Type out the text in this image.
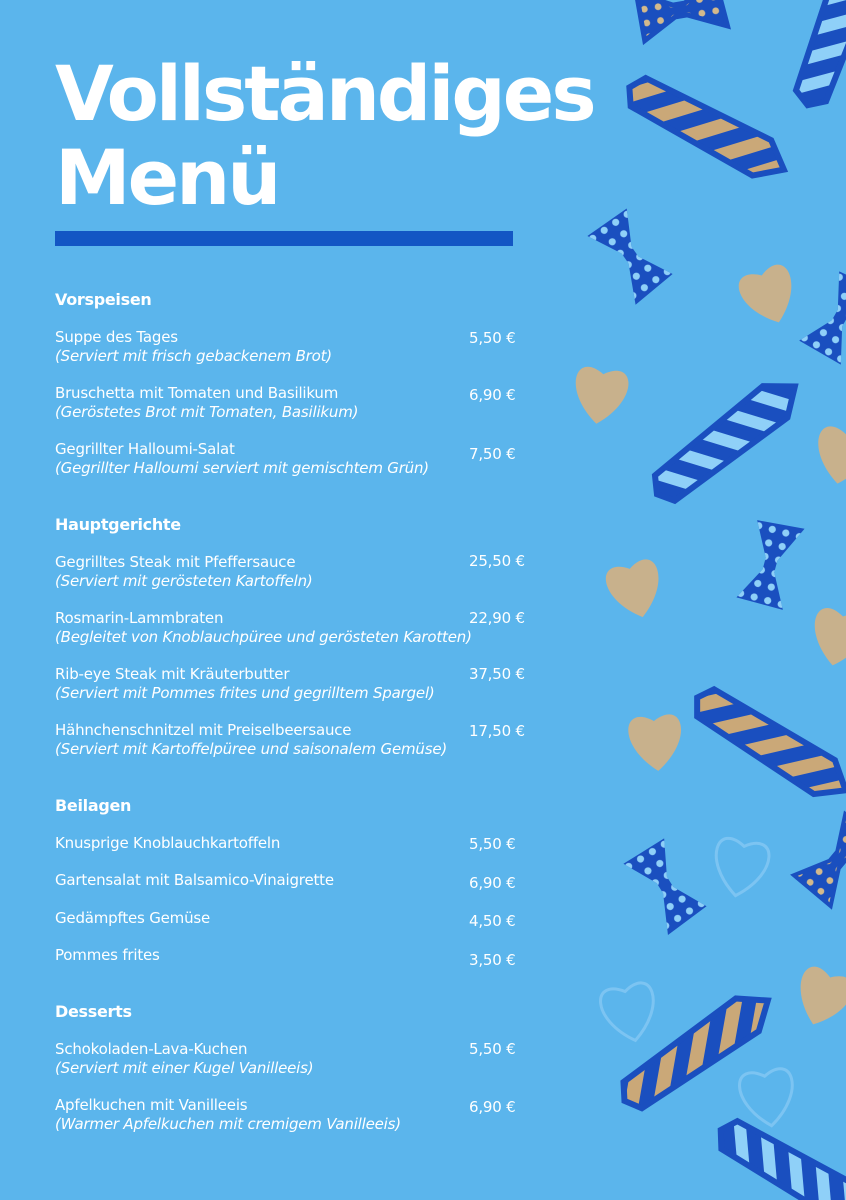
Vollständiges
Menü
Vorspeisen
Suppe des Tages
(Serviert mit frisch gebackenem Brot)
5,50 €
Bruschetta mit Tomaten und Basilikum
(Geröstetes Brot mit Tomaten, Basilikum)
6,90 €
Gegrillter Halloumi-Salat
(Gegrillter Halloumi serviert mit gemischtem Grün)
7,50 €
Hauptgerichte
Gegrilltes Steak mit Pfeffersauce
(Serviert mit gerösteten Kartoffeln)
25,50 €
Rosmarin-Lammbraten
(Begleitet von Knoblauchpüree und gerösteten Karotten)
22,90 €
Rib-eye Steak mit Kräuterbutter
(Serviert mit Pommes frites und gegrilltem Spargel)
37,50 €
Hähnchenschnitzel mit Preiselbeersauce
(Serviert mit Kartoffelpüree und saisonalem Gemüse)
17,50 €
Beilagen
Knusprige Knoblauchkartoffeln	5,50 €
Gartensalat mit Balsamico-Vinaigrette	6,90 €
Gedämpftes Gemüse	4,50 €
Pommes frites	3,50 €
Desserts
Schokoladen-Lava-Kuchen
(Serviert mit einer Kugel Vanilleeis)
5,50 €
Apfelkuchen mit Vanilleeis
(Warmer Apfelkuchen mit cremigem Vanilleeis)
6,90 €
